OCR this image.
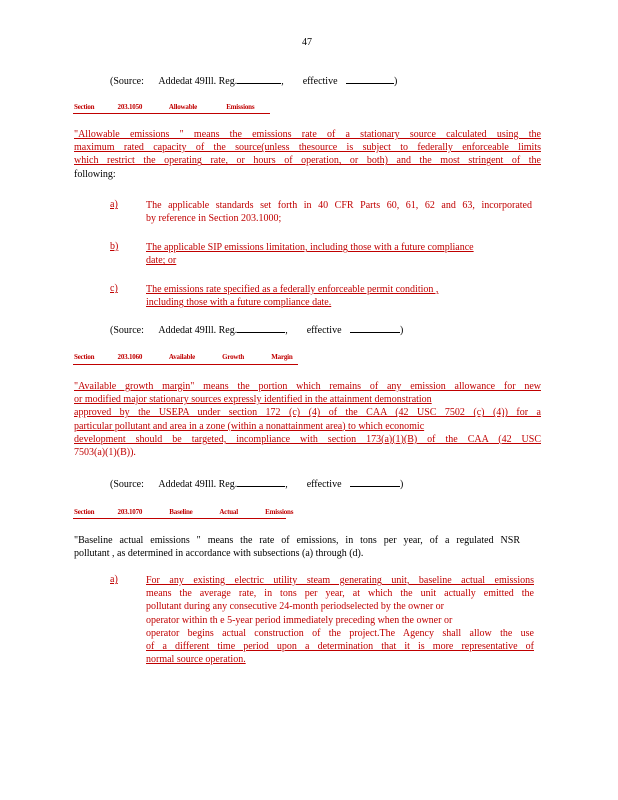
47
(Source: Addedat 49Ill. Reg.	,  effective	)
Section	203.1050	Allowable	Emissions
"Allowable emissions " means the emissions rate of a stationary source calculated using the
maximum rated capacity of the source(unless thesource is subject to federally enforceable limits
which restrict the operating rate, or hours of operation, or both) and the most stringent of the
following:
a)	The applicable standards set forth in 40 CFR Parts 60, 61, 62 and 63, incorporated
by reference in Section 203.1000;
b)	The applicable SIP emissions limitation, including those with a future compliance
date; or
c)	The emissions rate specified as a federally enforceable permit condition ,
including those with a future compliance date.
(Source: Addedat 49Ill. Reg.	,  effective	)
Section	203.1060	Available	Growth	Margin
"Available growth margin" means the portion which remains of any emission allowance for new
or modified major stationary sources expressly identified in the attainment demonstration
approved by the USEPA under section 172 (c) (4) of the CAA (42 USC 7502 (c) (4)) for a
particular pollutant and area in a zone (within a nonattainment area) to which economic
development should be targeted, incompliance with section 173(a)(1)(B) of the CAA (42 USC
7503(a)(1)(B)).
(Source: Addedat 49Ill. Reg.	,  effective	)
Section	203.1070	Baseline	Actual	Emissions
"Baseline actual emissions " means the rate of emissions, in tons per year, of a regulated NSR
pollutant , as determined in accordance with subsections (a) through (d).
a)	For any existing electric utility steam generating unit, baseline actual emissions
means the average rate, in tons per year, at which the unit actually emitted the
pollutant during any consecutive 24-month periodselected by the owner or
operator within th e 5-year period immediately preceding when the owner or
operator begins actual construction of the project.The Agency shall allow the use
of a different time period upon a determination that it is more representative of
normal source operation.
